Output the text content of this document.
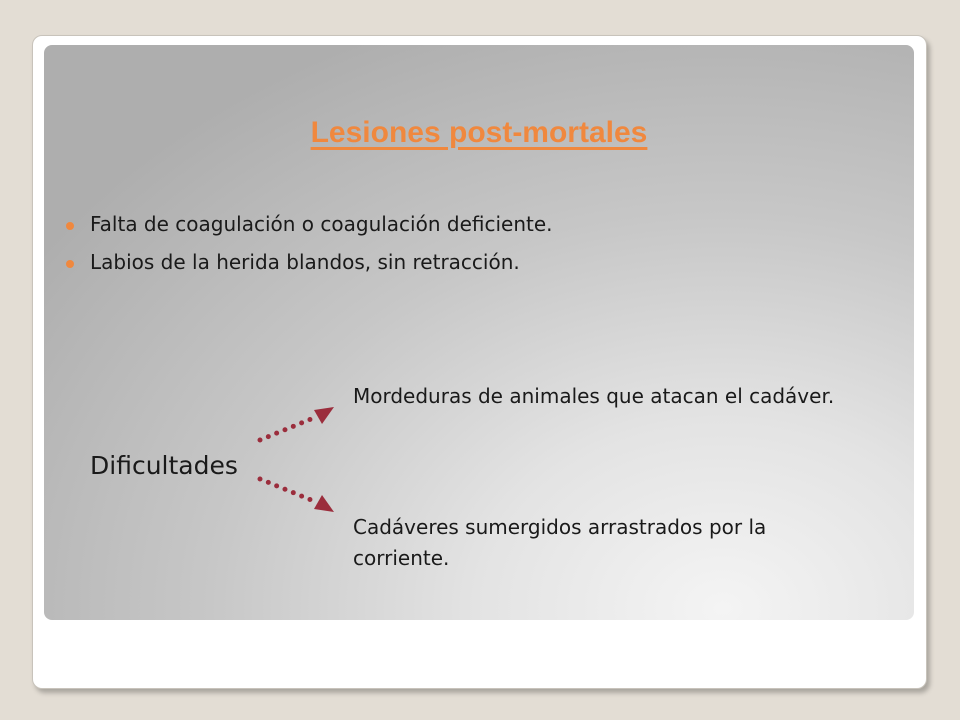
Lesiones post-mortales
Falta de coagulación o coagulación deficiente.
Labios de la herida blandos, sin retracción.
Dificultades
Mordeduras de animales que atacan el cadáver.
Cadáveres sumergidos arrastrados por la corriente.
